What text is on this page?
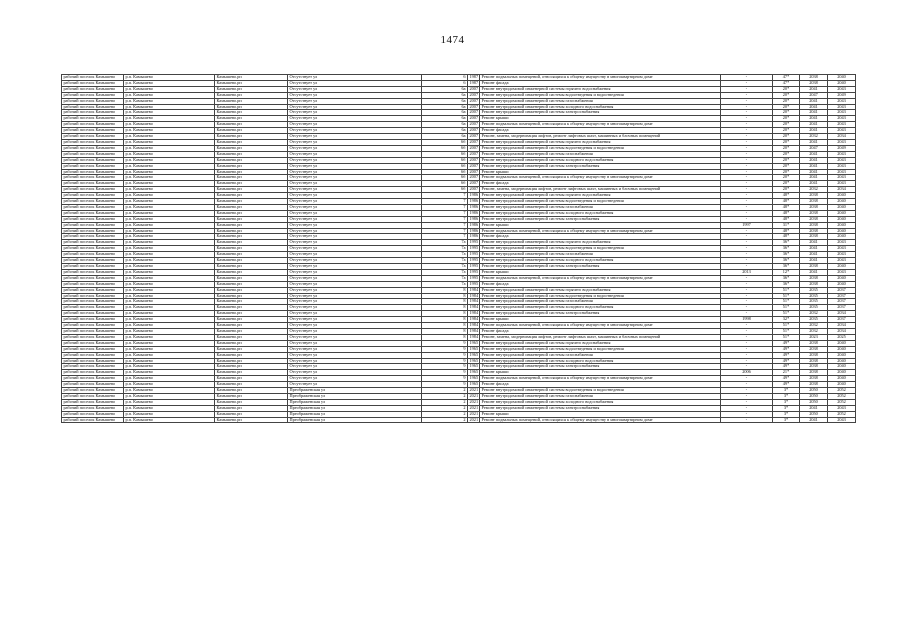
1474
рабочий поселок Камышево	р.п. Камышево	Камышево.рп	Отсутствует ул	6	1987	Ремонт подвальных помещений, относящихся к общему имуществу в многоквартирном доме	-	47*	2038	2040
рабочий поселок Камышево	р.п. Камышево	Камышево.рп	Отсутствует ул	6	1987	Ремонт фасада	-	47*	2038	2040
рабочий поселок Камышево	р.п. Камышево	Камышево.рп	Отсутствует ул	6а	2007	Ремонт внутридомовой инженерной системы горячего водоснабжения	-	20*	2041	2043
рабочий поселок Камышево	р.п. Камышево	Камышево.рп	Отсутствует ул	6а	2007	Ремонт внутридомовой инженерной системы водоотведения и водоотведения	-	20*	2047	2049
рабочий поселок Камышево	р.п. Камышево	Камышево.рп	Отсутствует ул	6а	2007	Ремонт внутридомовой инженерной системы газоснабжения	-	20*	2041	2043
рабочий поселок Камышево	р.п. Камышево	Камышево.рп	Отсутствует ул	6а	2007	Ремонт внутридомовой инженерной системы холодного водоснабжения	-	20*	2041	2043
рабочий поселок Камышево	р.п. Камышево	Камышево.рп	Отсутствует ул	6а	2007	Ремонт внутридомовой инженерной системы электроснабжения	-	20*	2041	2043
рабочий поселок Камышево	р.п. Камышево	Камышево.рп	Отсутствует ул	6а	2007	Ремонт крыши	-	20*	2041	2043
рабочий поселок Камышево	р.п. Камышево	Камышево.рп	Отсутствует ул	6а	2007	Ремонт подвальных помещений, относящихся к общему имуществу в многоквартирном доме	-	20*	2041	2043
рабочий поселок Камышево	р.п. Камышево	Камышево.рп	Отсутствует ул	6а	2007	Ремонт фасада	-	20*	2041	2043
рабочий поселок Камышево	р.п. Камышево	Камышево.рп	Отсутствует ул	6а	2007	Ремонт, замена, модернизация лифтов, ремонт лифтовых шахт, машинных и блочных помещений	-	20*	2032	2034
рабочий поселок Камышево	р.п. Камышево	Камышево.рп	Отсутствует ул	6б	2007	Ремонт внутридомовой инженерной системы горячего водоснабжения	-	20*	2041	2043
рабочий поселок Камышево	р.п. Камышево	Камышево.рп	Отсутствует ул	6б	2007	Ремонт внутридомовой инженерной системы водоотведения и водоотведения	-	20*	2047	2049
рабочий поселок Камышево	р.п. Камышево	Камышево.рп	Отсутствует ул	6б	2007	Ремонт внутридомовой инженерной системы газоснабжения	-	20*	2041	2043
рабочий поселок Камышево	р.п. Камышево	Камышево.рп	Отсутствует ул	6б	2007	Ремонт внутридомовой инженерной системы холодного водоснабжения	-	20*	2041	2043
рабочий поселок Камышево	р.п. Камышево	Камышево.рп	Отсутствует ул	6б	2007	Ремонт внутридомовой инженерной системы электроснабжения	-	20*	2041	2043
рабочий поселок Камышево	р.п. Камышево	Камышево.рп	Отсутствует ул	6б	2007	Ремонт крыши	-	20*	2041	2043
рабочий поселок Камышево	р.п. Камышево	Камышево.рп	Отсутствует ул	6б	2007	Ремонт подвальных помещений, относящихся к общему имуществу в многоквартирном доме	-	20*	2041	2043
рабочий поселок Камышево	р.п. Камышево	Камышево.рп	Отсутствует ул	6б	2007	Ремонт фасада	-	20*	2041	2043
рабочий поселок Камышево	р.п. Камышево	Камышево.рп	Отсутствует ул	6б	2007	Ремонт, замена, модернизация лифтов, ремонт лифтовых шахт, машинных и блочных помещений	-	20*	2032	2034
рабочий поселок Камышево	р.п. Камышево	Камышево.рп	Отсутствует ул	7	1986	Ремонт внутридомовой инженерной системы горячего водоснабжения	-	48*	2038	2040
рабочий поселок Камышево	р.п. Камышево	Камышево.рп	Отсутствует ул	7	1986	Ремонт внутридомовой инженерной системы водоотведения и водоотведения	-	48*	2038	2040
рабочий поселок Камышево	р.п. Камышево	Камышево.рп	Отсутствует ул	7	1986	Ремонт внутридомовой инженерной системы газоснабжения	-	48*	2038	2040
рабочий поселок Камышево	р.п. Камышево	Камышево.рп	Отсутствует ул	7	1986	Ремонт внутридомовой инженерной системы холодного водоснабжения	-	48*	2038	2040
рабочий поселок Камышево	р.п. Камышево	Камышево.рп	Отсутствует ул	7	1986	Ремонт внутридомовой инженерной системы электроснабжения	-	48*	2038	2040
рабочий поселок Камышево	р.п. Камышево	Камышево.рп	Отсутствует ул	7	1986	Ремонт крыши	1997	31*	2038	2040
рабочий поселок Камышево	р.п. Камышево	Камышево.рп	Отсутствует ул	7	1986	Ремонт подвальных помещений, относящихся к общему имуществу в многоквартирном доме	-	48*	2038	2040
рабочий поселок Камышево	р.п. Камышево	Камышево.рп	Отсутствует ул	7	1986	Ремонт фасада	-	48*	2038	2040
рабочий поселок Камышево	р.п. Камышево	Камышево.рп	Отсутствует ул	7а	1995	Ремонт внутридомовой инженерной системы горячего водоснабжения	-	36*	2041	2043
рабочий поселок Камышево	р.п. Камышево	Камышево.рп	Отсутствует ул	7а	1995	Ремонт внутридомовой инженерной системы водоотведения и водоотведения	-	36*	2041	2043
рабочий поселок Камышево	р.п. Камышево	Камышево.рп	Отсутствует ул	7а	1995	Ремонт внутридомовой инженерной системы газоснабжения	-	36*	2041	2043
рабочий поселок Камышево	р.п. Камышево	Камышево.рп	Отсутствует ул	7а	1995	Ремонт внутридомовой инженерной системы холодного водоснабжения	-	36*	2041	2043
рабочий поселок Камышево	р.п. Камышево	Камышево.рп	Отсутствует ул	7а	1995	Ремонт внутридомовой инженерной системы электроснабжения	-	36*	2038	2040
рабочий поселок Камышево	р.п. Камышево	Камышево.рп	Отсутствует ул	7а	1995	Ремонт крыши	2013	12*	2041	2043
рабочий поселок Камышево	р.п. Камышево	Камышево.рп	Отсутствует ул	7а	1995	Ремонт подвальных помещений, относящихся к общему имуществу в многоквартирном доме	-	36*	2038	2040
рабочий поселок Камышево	р.п. Камышево	Камышево.рп	Отсутствует ул	7а	1995	Ремонт фасада	-	36*	2038	2040
рабочий поселок Камышево	р.п. Камышево	Камышево.рп	Отсутствует ул	8	1984	Ремонт внутридомовой инженерной системы горячего водоснабжения	-	51*	2035	2037
рабочий поселок Камышево	р.п. Камышево	Камышево.рп	Отсутствует ул	8	1984	Ремонт внутридомовой инженерной системы водоотведения и водоотведения	-	51*	2035	2037
рабочий поселок Камышево	р.п. Камышево	Камышево.рп	Отсутствует ул	8	1984	Ремонт внутридомовой инженерной системы газоснабжения	-	51*	2035	2037
рабочий поселок Камышево	р.п. Камышево	Камышево.рп	Отсутствует ул	8	1984	Ремонт внутридомовой инженерной системы холодного водоснабжения	-	51*	2035	2037
рабочий поселок Камышево	р.п. Камышево	Камышево.рп	Отсутствует ул	8	1984	Ремонт внутридомовой инженерной системы электроснабжения	-	51*	2032	2034
рабочий поселок Камышево	р.п. Камышево	Камышево.рп	Отсутствует ул	8	1984	Ремонт крыши	1998	32*	2035	2037
рабочий поселок Камышево	р.п. Камышево	Камышево.рп	Отсутствует ул	8	1984	Ремонт подвальных помещений, относящихся к общему имуществу в многоквартирном доме	-	51*	2032	2034
рабочий поселок Камышево	р.п. Камышево	Камышево.рп	Отсутствует ул	8	1984	Ремонт фасада	-	51*	2032	2034
рабочий поселок Камышево	р.п. Камышево	Камышево.рп	Отсутствует ул	8	1984	Ремонт, замена, модернизация лифтов, ремонт лифтовых шахт, машинных и блочных помещений	-	51*	2023	2025
рабочий поселок Камышево	р.п. Камышево	Камышево.рп	Отсутствует ул	9	1965	Ремонт внутридомовой инженерной системы горячего водоснабжения	-	49*	2038	2040
рабочий поселок Камышево	р.п. Камышево	Камышево.рп	Отсутствует ул	9	1965	Ремонт внутридомовой инженерной системы водоотведения и водоотведения	-	49*	2038	2040
рабочий поселок Камышево	р.п. Камышево	Камышево.рп	Отсутствует ул	9	1965	Ремонт внутридомовой инженерной системы газоснабжения	-	49*	2038	2040
рабочий поселок Камышево	р.п. Камышево	Камышево.рп	Отсутствует ул	9	1965	Ремонт внутридомовой инженерной системы холодного водоснабжения	-	49*	2038	2040
рабочий поселок Камышево	р.п. Камышево	Камышево.рп	Отсутствует ул	9	1965	Ремонт внутридомовой инженерной системы электроснабжения	-	49*	2038	2040
рабочий поселок Камышево	р.п. Камышево	Камышево.рп	Отсутствует ул	9	1965	Ремонт крыши	2006	21*	2038	2040
рабочий поселок Камышево	р.п. Камышево	Камышево.рп	Отсутствует ул	9	1965	Ремонт подвальных помещений, относящихся к общему имуществу в многоквартирном доме	-	49*	2038	2040
рабочий поселок Камышево	р.п. Камышево	Камышево.рп	Отсутствует ул	9	1965	Ремонт фасада	-	49*	2038	2040
рабочий поселок Камышево	р.п. Камышево	Камышево.рп	Преображенская ул	2	2021	Ремонт внутридомовой инженерной системы водоотведения и водоотведения	-	3*	2050	2052
рабочий поселок Камышево	р.п. Камышево	Камышево.рп	Преображенская ул	2	2021	Ремонт внутридомовой инженерной системы газоснабжения	-	3*	2050	2052
рабочий поселок Камышево	р.п. Камышево	Камышево.рп	Преображенская ул	2	2021	Ремонт внутридомовой инженерной системы холодного водоснабжения	-	3*	2050	2052
рабочий поселок Камышево	р.п. Камышево	Камышево.рп	Преображенская ул	2	2021	Ремонт внутридомовой инженерной системы электроснабжения	-	3*	2041	2043
рабочий поселок Камышево	р.п. Камышево	Камышево.рп	Преображенская ул	2	2021	Ремонт крыши	-	3*	2050	2052
рабочий поселок Камышево	р.п. Камышево	Камышево.рп	Преображенская ул	2	2021	Ремонт подвальных помещений, относящихся к общему имуществу в многоквартирном доме	-	3*	2041	2043
